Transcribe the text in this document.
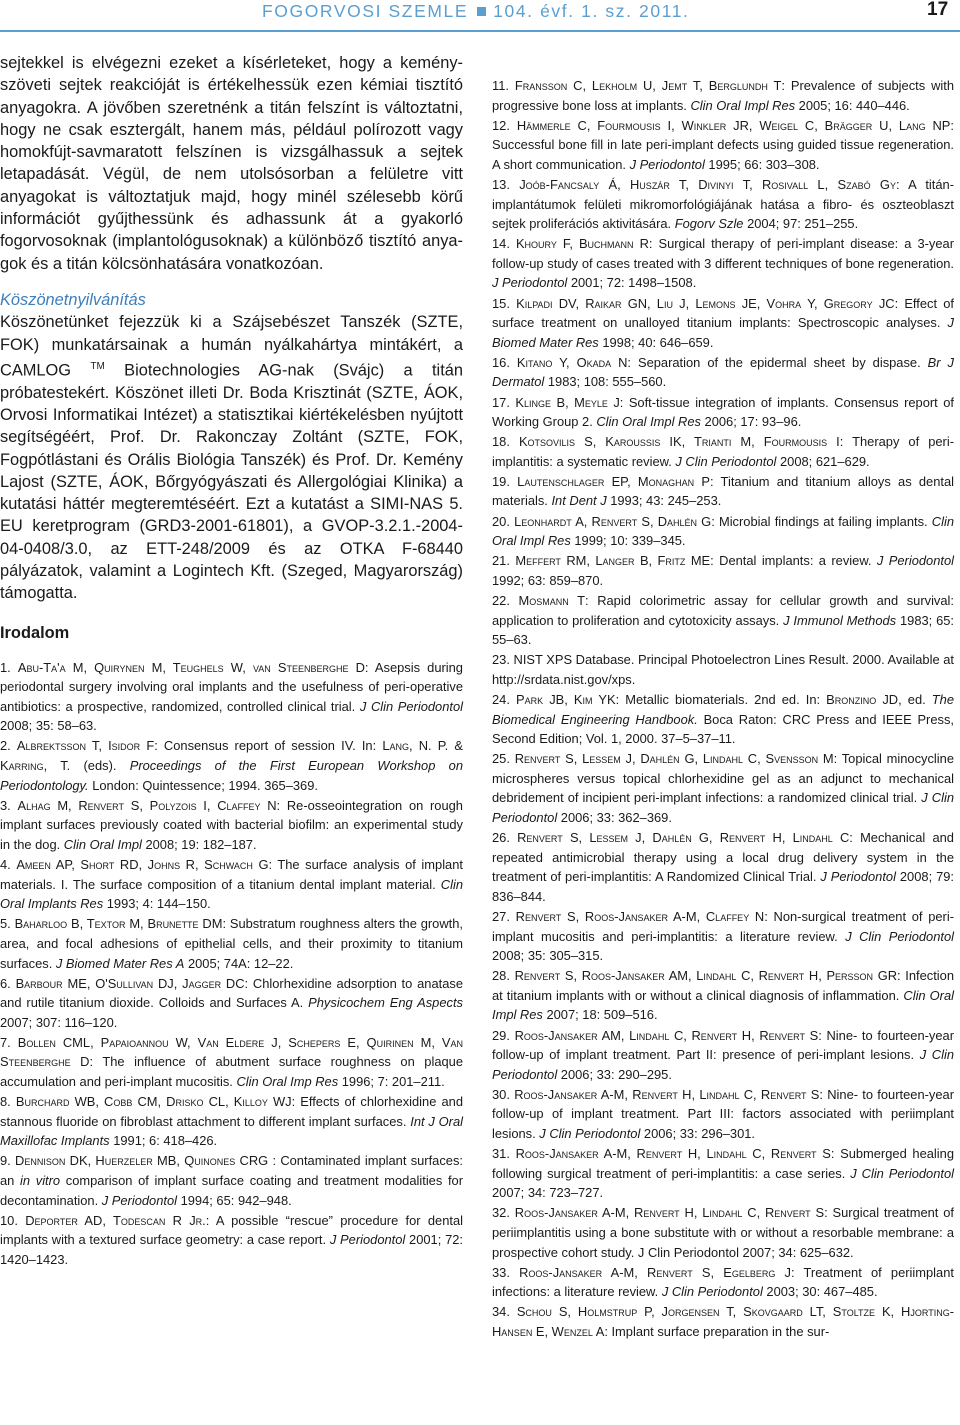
FOGORVOSI SZEMLE 104. évf. 1. sz. 2011.	17

sejtekkel is elvégezni ezeket a kísérleteket, hogy a keményszöveti sejtek reakcióját is értékelhessük ezen kémiai tisztító anyagokra. A jövőben szeretnénk a titán felszínt is változtatni, hogy ne csak esztergált, hanem más, például polírozott vagy homokfújt-savmaratott felszínen is vizsgálhassuk a sejtek letapadását. Végül, de nem utolsósorban a felületre vitt anyagokat is változtatjuk majd, hogy minél szélesebb körű információt gyűjthessünk és adhassunk át a gyakorló fogorvosoknak (implantológusoknak) a különböző tisztító anyagok és a titán kölcsönhatására vonatkozóan.

Köszönetnyilvánítás

Köszönetünket fejezzük ki a Szájsebészet Tanszék (SZTE, FOK) munkatársainak a humán nyálkahártya mintákért, a CAMLOG ™ Biotechnologies AG-nak (Svájc) a titán próbatestekért. Köszönet illeti Dr. Boda Krisztinát (SZTE, ÁOK, Orvosi Informatikai Intézet) a statisztikai kiértékelésben nyújtott segítségéért, Prof. Dr. Rakonczay Zoltánt (SZTE, FOK, Fogpótlástani és Orális Biológia Tanszék) és Prof. Dr. Kemény Lajost (SZTE, ÁOK, Bőrgyógyászati és Allergológiai Klinika) a kutatási háttér megteremtéséért. Ezt a kutatást a SIMI-NAS 5. EU keretprogram (GRD3-2001-61801), a GVOP-3.2.1.-2004-04-0408/3.0, az ETT-248/2009 és az OTKA F-68440 pályázatok, valamint a Logintech Kft. (Szeged, Magyarország) támogatta.

Irodalom

1. Abu-Ta'a M, Quirynen M, Teughels W, van Steenberghe D: Asepsis during periodontal surgery involving oral implants and the usefulness of peri-operative antibiotics: a prospective, randomized, controlled clinical trial. J Clin Periodontol 2008; 35: 58–63.

2. Albrektsson T, Isidor F: Consensus report of session IV. In: Lang, N. P. & Karring, T. (eds). Proceedings of the First European Workshop on Periodontology. London: Quintessence; 1994. 365–369.

3. Alhag M, Renvert S, Polyzois I, Claffey N: Re-osseointegration on rough implant surfaces previously coated with bacterial biofilm: an experimental study in the dog. Clin Oral Impl 2008; 19: 182–187.

4. Ameen AP, Short RD, Johns R, Schwach G: The surface analysis of implant materials. I. The surface composition of a titanium dental implant material. Clin Oral Implants Res 1993; 4: 144–150.

5. Baharloo B, Textor M, Brunette DM: Substratum roughness alters the growth, area, and focal adhesions of epithelial cells, and their proximity to titanium surfaces. J Biomed Mater Res A 2005; 74A: 12–22.

6. Barbour ME, O'Sullivan DJ, Jagger DC: Chlorhexidine adsorption to anatase and rutile titanium dioxide. Colloids and Surfaces A. Physicochem Eng Aspects 2007; 307: 116–120.

7. Bollen CML, Papaioannou W, Van Eldere J, Schepers E, Quirinen M, Van Steenberghe D: The influence of abutment surface roughness on plaque accumulation and peri-implant mucositis. Clin Oral Imp Res 1996; 7: 201–211.

8. Burchard WB, Cobb CM, Drisko CL, Killoy WJ: Effects of chlorhexidine and stannous fluoride on fibroblast attachment to different implant surfaces. Int J Oral Maxillofac Implants 1991; 6: 418–426.

9. Dennison DK, Huerzeler MB, Quinones CRG : Contaminated implant surfaces: an in vitro comparison of implant surface coating and treatment modalities for decontamination. J Periodontol 1994; 65: 942–948.

10. Deporter AD, Todescan R Jr.: A possible “rescue” procedure for dental implants with a textured surface geometry: a case report. J Periodontol 2001; 72: 1420–1423.

11. Fransson C, Lekholm U, Jemt T, Berglundh T: Prevalence of subjects with progressive bone loss at implants. Clin Oral Impl Res 2005; 16: 440–446.

12. Hämmerle C, Fourmousis I, Winkler JR, Weigel C, Brägger U, Lang NP: Successful bone fill in late peri-implant defects using guided tissue regeneration. A short communication. J Periodontol 1995; 66: 303–308.

13. Joób-Fancsaly Á, Huszár T, Divinyi T, Rosivall L, Szabó Gy: A titán-implantátumok felületi mikromorfológiájának hatása a fibro- és oszteoblaszt sejtek proliferációs aktivitására. Fogorv Szle 2004; 97: 251–255.

14. Khoury F, Buchmann R: Surgical therapy of peri-implant disease: a 3-year follow-up study of cases treated with 3 different techniques of bone regeneration. J Periodontol 2001; 72: 1498–1508.

15. Kilpadi DV, Raikar GN, Liu J, Lemons JE, Vohra Y, Gregory JC: Effect of surface treatment on unalloyed titanium implants: Spectroscopic analyses. J Biomed Mater Res 1998; 40: 646–659.

16. Kitano Y, Okada N: Separation of the epidermal sheet by dispase. Br J Dermatol 1983; 108: 555–560.

17. Klinge B, Meyle J: Soft-tissue integration of implants. Consensus report of Working Group 2. Clin Oral Impl Res 2006; 17: 93–96.

18. Kotsovilis S, Karoussis IK, Trianti M, Fourmousis I: Therapy of peri-implantitis: a systematic review. J Clin Periodontol 2008; 621–629.

19. Lautenschlager EP, Monaghan P: Titanium and titanium alloys as dental materials. Int Dent J 1993; 43: 245–253.

20. Leonhardt A, Renvert S, Dahlén G: Microbial findings at failing implants. Clin Oral Impl Res 1999; 10: 339–345.

21. Meffert RM, Langer B, Fritz ME: Dental implants: a review. J Periodontol 1992; 63: 859–870.

22. Mosmann T: Rapid colorimetric assay for cellular growth and survival: application to proliferation and cytotoxicity assays. J Immunol Methods 1983; 65: 55–63.

23. NIST XPS Database. Principal Photoelectron Lines Result. 2000. Available at http://srdata.nist.gov/xps.

24. Park JB, Kim YK: Metallic biomaterials. 2nd ed. In: Bronzino JD, ed. The Biomedical Engineering Handbook. Boca Raton: CRC Press and IEEE Press, Second Edition; Vol. 1, 2000. 37–5–37–11.

25. Renvert S, Lessem J, Dahlén G, Lindahl C, Svensson M: Topical minocycline microspheres versus topical chlorhexidine gel as an adjunct to mechanical debridement of incipient peri-implant infections: a randomized clinical trial. J Clin Periodontol 2006; 33: 362–369.

26. Renvert S, Lessem J, Dahlén G, Renvert H, Lindahl C: Mechanical and repeated antimicrobial therapy using a local drug delivery system in the treatment of peri-implantitis: A Randomized Clinical Trial. J Periodontol 2008; 79: 836–844.

27. Renvert S, Roos-Jansaker A-M, Claffey N: Non-surgical treatment of peri-implant mucositis and peri-implantitis: a literature review. J Clin Periodontol 2008; 35: 305–315.

28. Renvert S, Roos-Jansaker AM, Lindahl C, Renvert H, Persson GR: Infection at titanium implants with or without a clinical diagnosis of inflammation. Clin Oral Impl Res 2007; 18: 509–516.

29. Roos-Jansaker AM, Lindahl C, Renvert H, Renvert S: Nine- to fourteen-year follow-up of implant treatment. Part II: presence of peri-implant lesions. J Clin Periodontol 2006; 33: 290–295.

30. Roos-Jansaker A-M, Renvert H, Lindahl C, Renvert S: Nine- to fourteen-year follow-up of implant treatment. Part III: factors associated with periimplant lesions. J Clin Periodontol 2006; 33: 296–301.

31. Roos-Jansaker A-M, Renvert H, Lindahl C, Renvert S: Submerged healing following surgical treatment of peri-implantitis: a case series. J Clin Periodontol 2007; 34: 723–727.

32. Roos-Jansaker A-M, Renvert H, Lindahl C, Renvert S: Surgical treatment of periimplantitis using a bone substitute with or without a resorbable membrane: a prospective cohort study. J Clin Periodontol 2007; 34: 625–632.

33. Roos-Jansaker A-M, Renvert S, Egelberg J: Treatment of periimplant infections: a literature review. J Clin Periodontol 2003; 30: 467–485.

34. Schou S, Holmstrup P, Jorgensen T, Skovgaard LT, Stoltze K, Hjorting-Hansen E, Wenzel A: Implant surface preparation in the sur-
